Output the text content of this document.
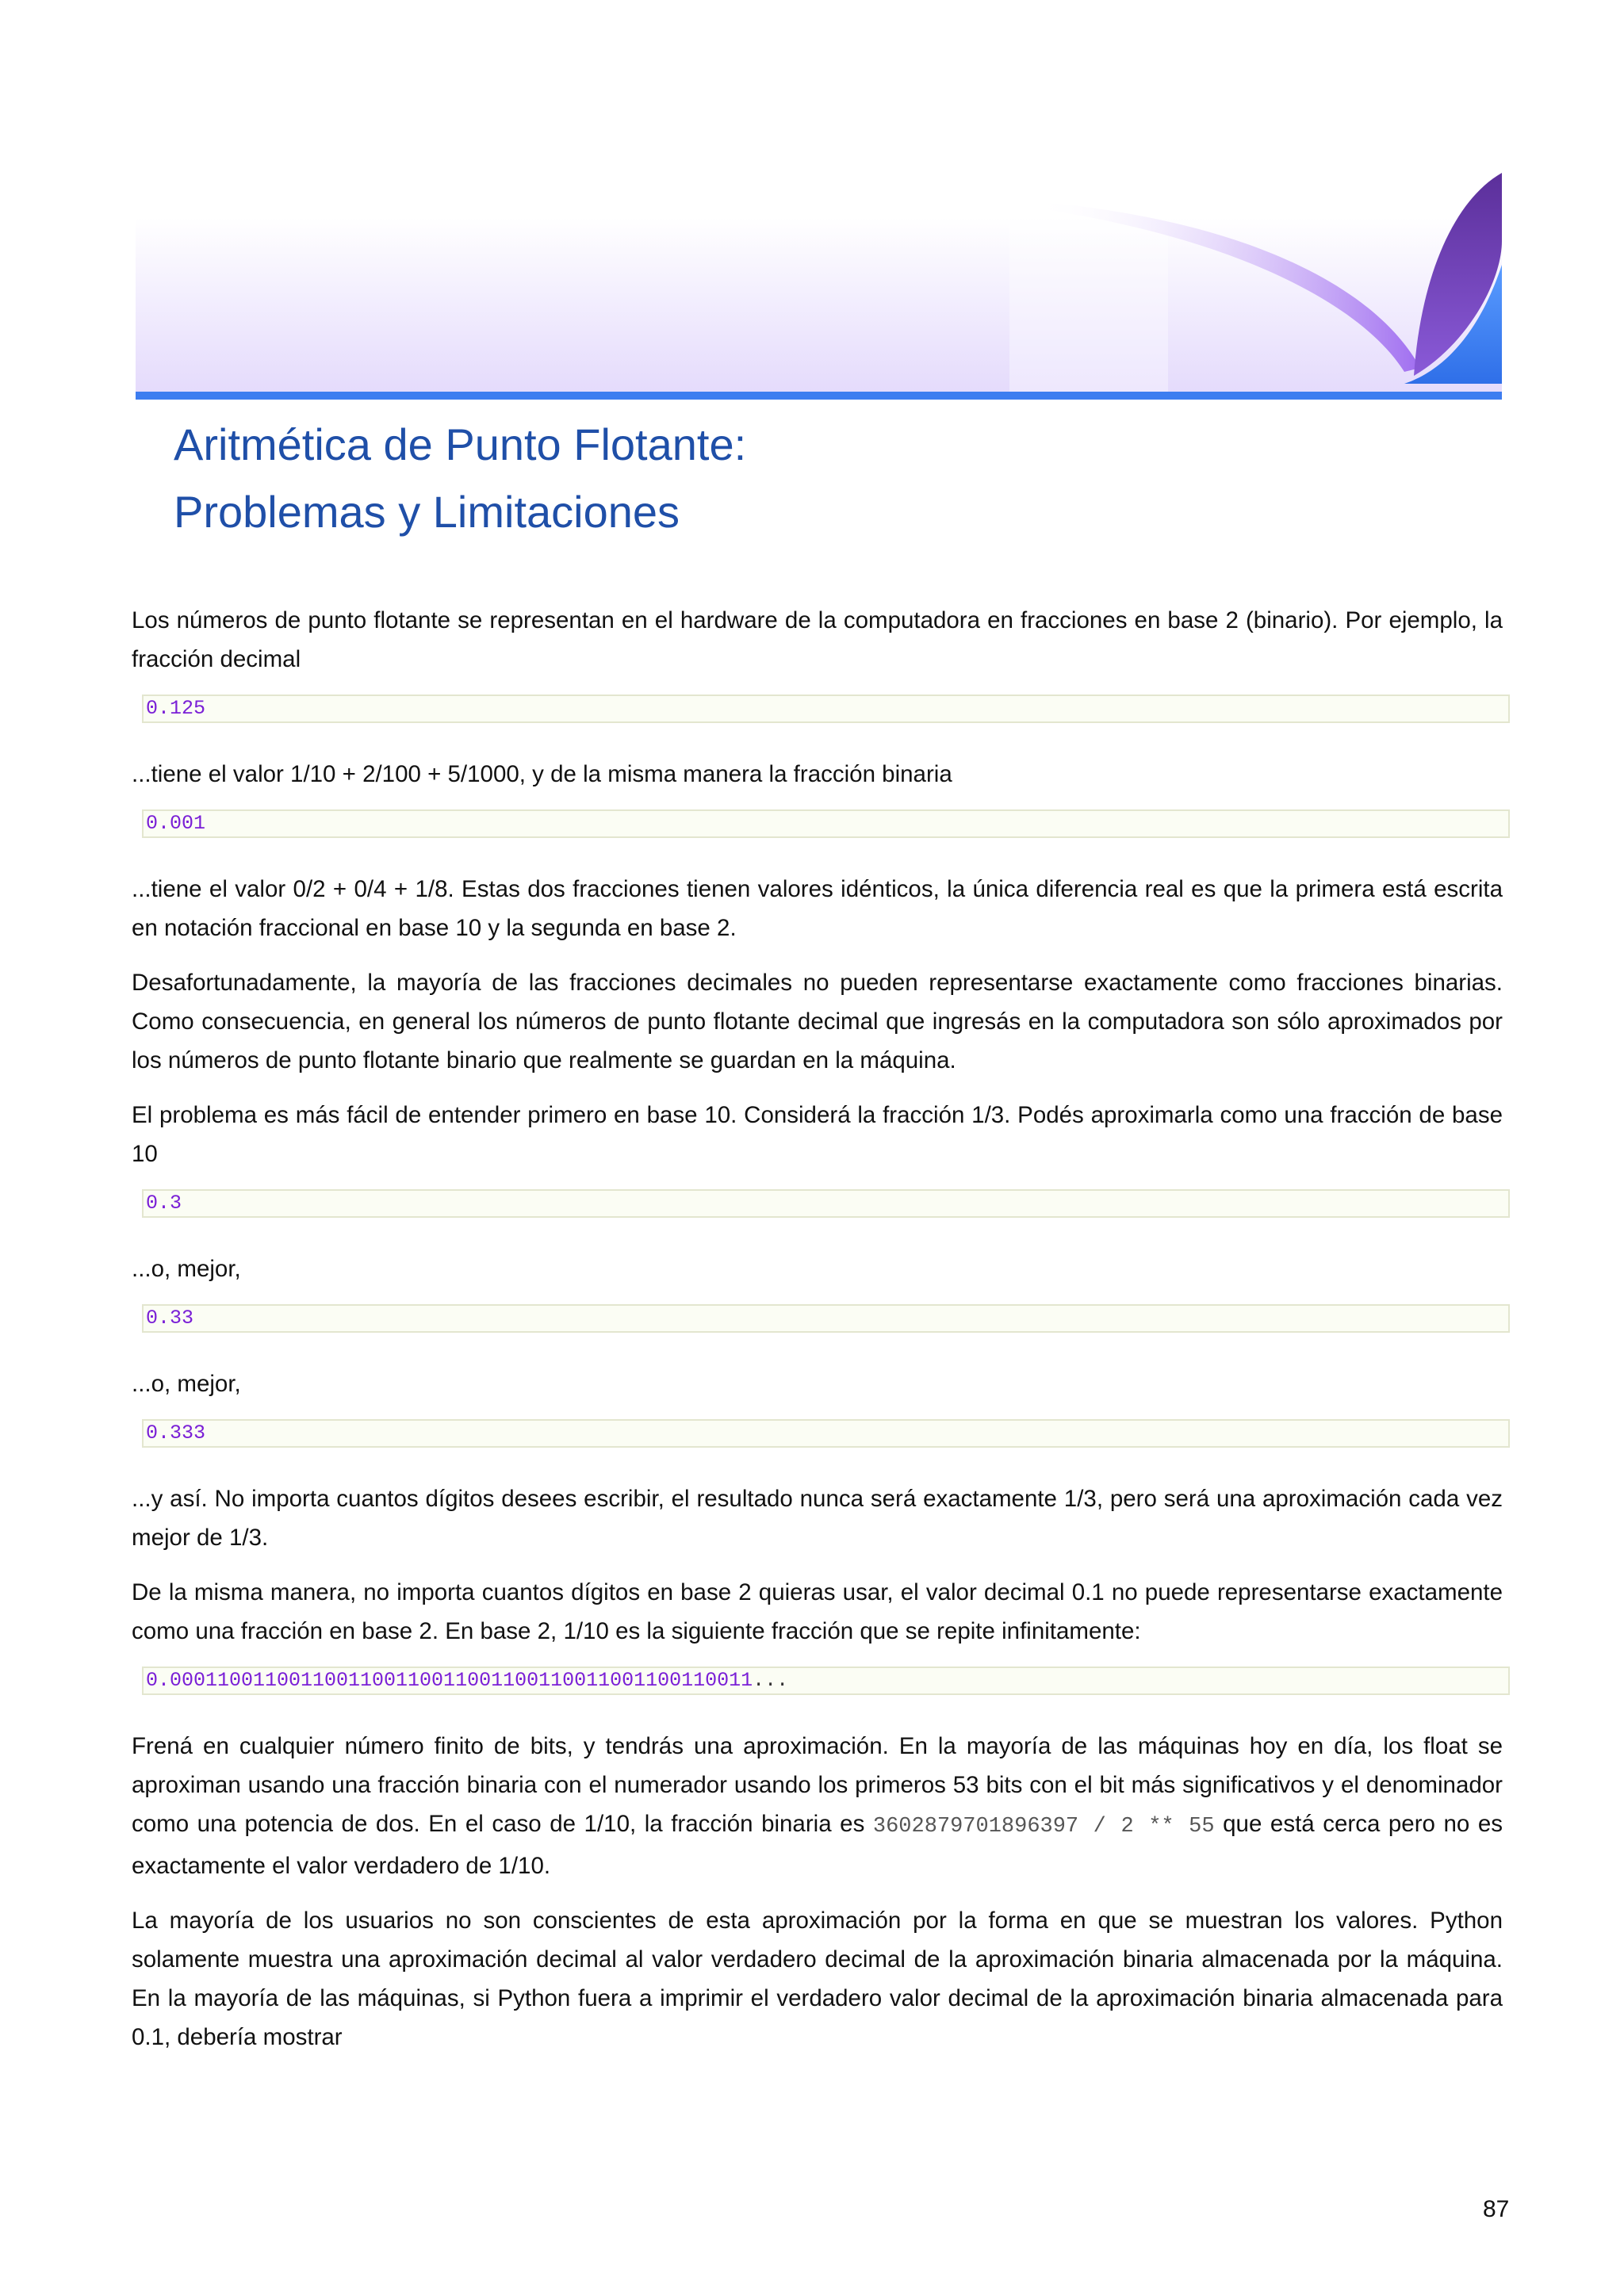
Aritmética de Punto Flotante:
Problemas y Limitaciones

Los números de punto flotante se representan en el hardware de la computadora en fracciones en base 2 (binario). Por ejemplo, la fracción decimal

0.125

...tiene el valor 1/10 + 2/100 + 5/1000, y de la misma manera la fracción binaria

0.001

...tiene el valor 0/2 + 0/4 + 1/8. Estas dos fracciones tienen valores idénticos, la única diferencia real es que la primera está escrita en notación fraccional en base 10 y la segunda en base 2.

Desafortunadamente, la mayoría de las fracciones decimales no pueden representarse exactamente como fracciones binarias. Como consecuencia, en general los números de punto flotante decimal que ingresás en la computadora son sólo aproximados por los números de punto flotante binario que realmente se guardan en la máquina.

El problema es más fácil de entender primero en base 10. Considerá la fracción 1/3. Podés aproximarla como una fracción de base 10

0.3

...o, mejor,

0.33

...o, mejor,

0.333

...y así. No importa cuantos dígitos desees escribir, el resultado nunca será exactamente 1/3, pero será una aproximación cada vez mejor de 1/3.

De la misma manera, no importa cuantos dígitos en base 2 quieras usar, el valor decimal 0.1 no puede representarse exactamente como una fracción en base 2. En base 2, 1/10 es la siguiente fracción que se repite infinitamente:

0.0001100110011001100110011001100110011001100110011...

Frená en cualquier número finito de bits, y tendrás una aproximación. En la mayoría de las máquinas hoy en día, los float se aproximan usando una fracción binaria con el numerador usando los primeros 53 bits con el bit más significativos y el denominador como una potencia de dos. En el caso de 1/10, la fracción binaria es 3602879701896397 / 2 ** 55 que está cerca pero no es exactamente el valor verdadero de 1/10.

La mayoría de los usuarios no son conscientes de esta aproximación por la forma en que se muestran los valores. Python solamente muestra una aproximación decimal al valor verdadero decimal de la aproximación binaria almacenada por la máquina. En la mayoría de las máquinas, si Python fuera a imprimir el verdadero valor decimal de la aproximación binaria almacenada para 0.1, debería mostrar

87
